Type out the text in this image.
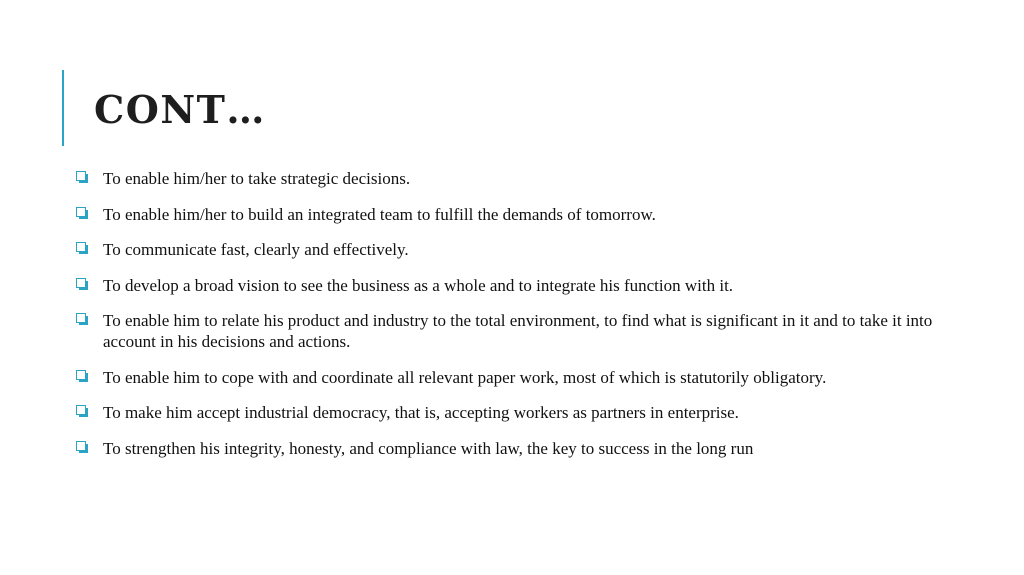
CONT…
To enable him/her to take strategic decisions.
To enable him/her to build an integrated team to fulfill the demands of tomorrow.
To communicate fast, clearly and effectively.
To develop a broad vision to see the business as a whole and to integrate his function with it.
To enable him to relate his product and industry to the total environment, to find what is significant in it and to take it into account in his decisions and actions.
To enable him to cope with and coordinate all relevant paper work, most of which is statutorily obligatory.
To make him accept industrial democracy, that is, accepting workers as partners in enterprise.
To strengthen his integrity, honesty, and compliance with law, the key to success in the long run
